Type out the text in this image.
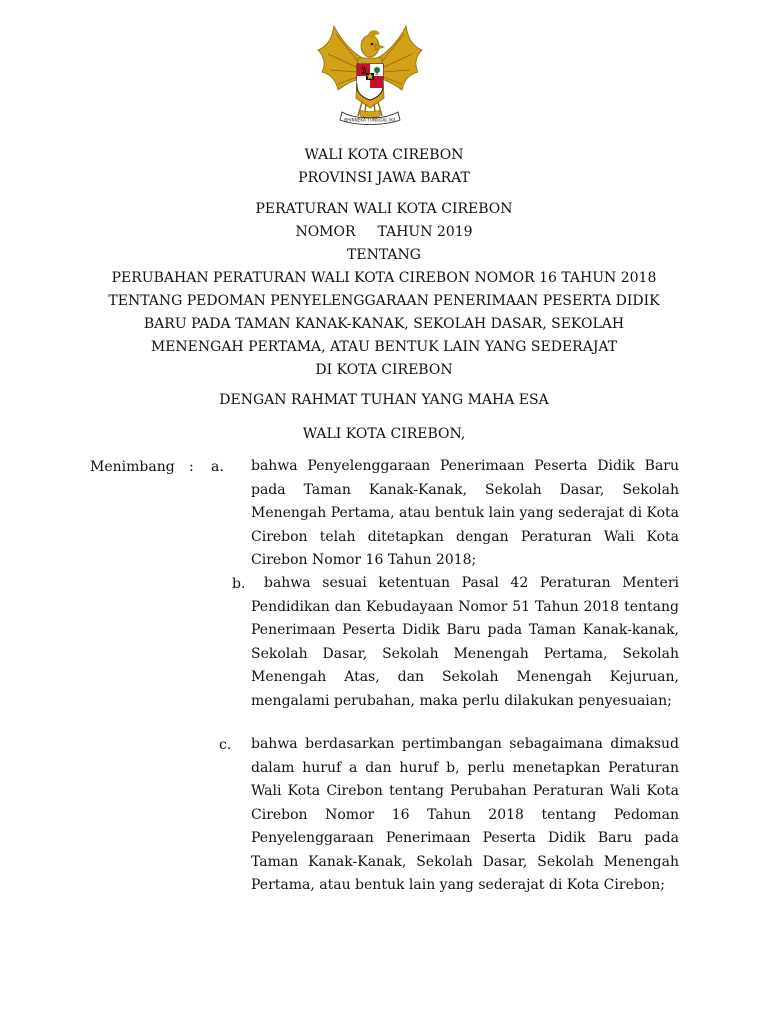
BHINNEKA TUNGGAL IKA
WALI KOTA CIREBON
PROVINSI JAWA BARAT
PERATURAN WALI KOTA CIREBON
NOMOR TAHUN 2019
TENTANG
PERUBAHAN PERATURAN WALI KOTA CIREBON NOMOR 16 TAHUN 2018
TENTANG PEDOMAN PENYELENGGARAAN PENERIMAAN PESERTA DIDIK
BARU PADA TAMAN KANAK-KANAK, SEKOLAH DASAR, SEKOLAH
MENENGAH PERTAMA, ATAU BENTUK LAIN YANG SEDERAJAT
DI KOTA CIREBON
DENGAN RAHMAT TUHAN YANG MAHA ESA
WALI KOTA CIREBON,
Menimbang : a. bahwa Penyelenggaraan Penerimaan Peserta Didik Baru pada Taman Kanak-Kanak, Sekolah Dasar, Sekolah Menengah Pertama, atau bentuk lain yang sederajat di Kota Cirebon telah ditetapkan dengan Peraturan Wali Kota Cirebon Nomor 16 Tahun 2018;
b.	bahwa sesuai ketentuan Pasal 42 Peraturan Menteri Pendidikan dan Kebudayaan Nomor 51 Tahun 2018 tentang Penerimaan Peserta Didik Baru pada Taman Kanak-kanak, Sekolah Dasar, Sekolah Menengah Pertama, Sekolah Menengah Atas, dan Sekolah Menengah Kejuruan, mengalami perubahan, maka perlu dilakukan penyesuaian;
c. bahwa berdasarkan pertimbangan sebagaimana dimaksud dalam huruf a dan huruf b, perlu menetapkan Peraturan Wali Kota Cirebon tentang Perubahan Peraturan Wali Kota Cirebon Nomor 16 Tahun 2018 tentang Pedoman Penyelenggaraan Penerimaan Peserta Didik Baru pada Taman Kanak-Kanak, Sekolah Dasar, Sekolah Menengah Pertama, atau bentuk lain yang sederajat di Kota Cirebon;
